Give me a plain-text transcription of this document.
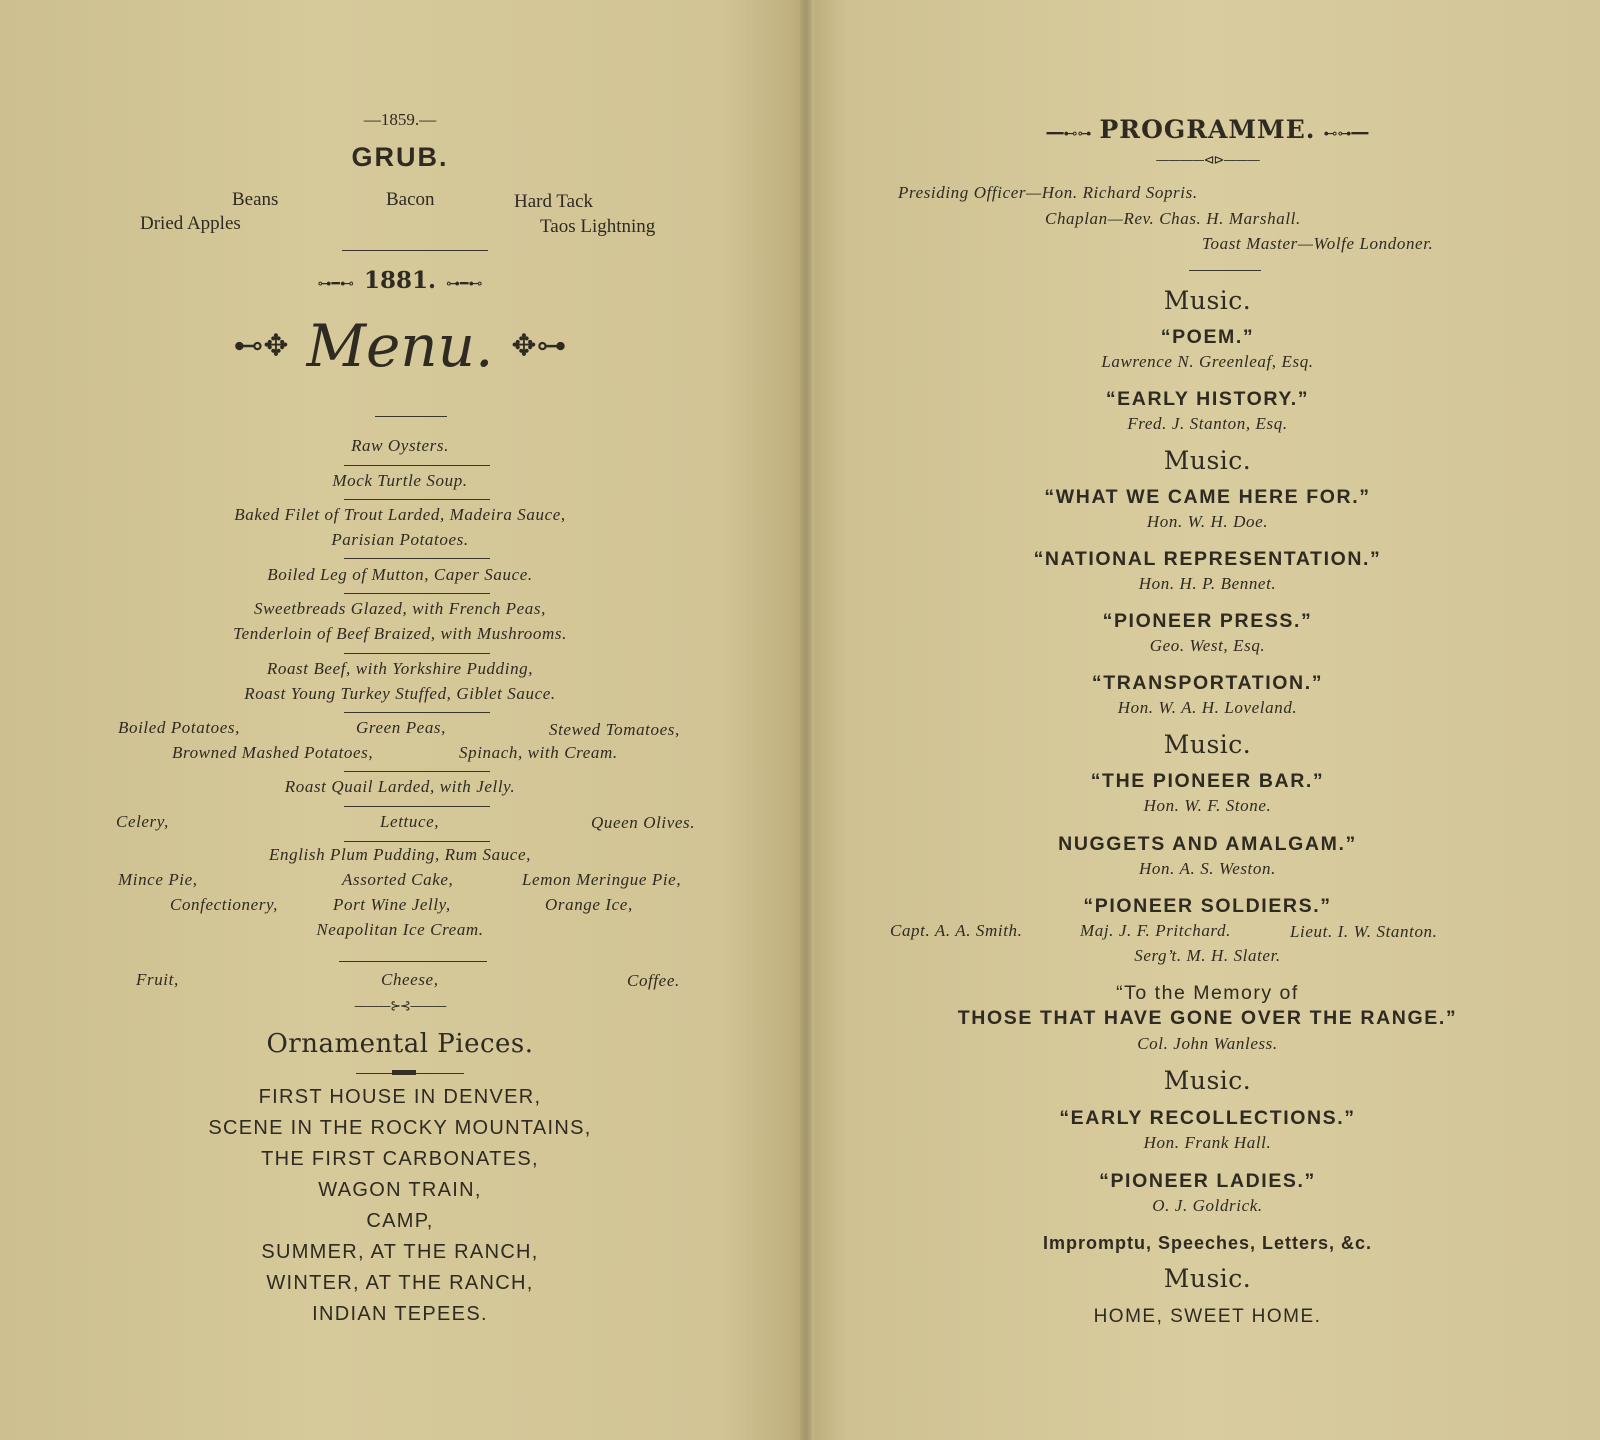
—1859.—
GRUB.
Beans	Bacon	Hard Tack
Dried Apples	Taos Lightning
⊶━⊷ 1881. ⊶━⊷
⊷✥ Menu. ✥⊶
Raw Oysters.
Mock Turtle Soup.
Baked Filet of Trout Larded, Madeira Sauce,
Parisian Potatoes.
Boiled Leg of Mutton, Caper Sauce.
Sweetbreads Glazed, with French Peas,
Tenderloin of Beef Braized, with Mushrooms.
Roast Beef, with Yorkshire Pudding,
Roast Young Turkey Stuffed, Giblet Sauce.
Boiled Potatoes,	Green Peas,	Stewed Tomatoes,
Browned Mashed Potatoes,	Spinach, with Cream.
Roast Quail Larded, with Jelly.
Celery,	Lettuce,	Queen Olives.
English Plum Pudding, Rum Sauce,
Mince Pie,	Assorted Cake,	Lemon Meringue Pie,
Confectionery,	Port Wine Jelly,	Orange Ice,
Neapolitan Ice Cream.
Fruit,	Cheese,	Coffee.
———⊱⊰———
Ornamental Pieces.
FIRST HOUSE IN DENVER,
SCENE IN THE ROCKY MOUNTAINS,
THE FIRST CARBONATES,
WAGON TRAIN,
CAMP,
SUMMER, AT THE RANCH,
WINTER, AT THE RANCH,
INDIAN TEPEES.
━━⊷⊶ PROGRAMME. ⊷⊶━━
————⊲⊳———
Presiding Officer—Hon. Richard Sopris.
Chaplan—Rev. Chas. H. Marshall.
Toast Master—Wolfe Londoner.
Music.
“POEM.”
Lawrence N. Greenleaf, Esq.
“EARLY HISTORY.”
Fred. J. Stanton, Esq.
Music.
“WHAT WE CAME HERE FOR.”
Hon. W. H. Doe.
“NATIONAL REPRESENTATION.”
Hon. H. P. Bennet.
“PIONEER PRESS.”
Geo. West, Esq.
“TRANSPORTATION.”
Hon. W. A. H. Loveland.
Music.
“THE PIONEER BAR.”
Hon. W. F. Stone.
NUGGETS AND AMALGAM.”
Hon. A. S. Weston.
“PIONEER SOLDIERS.”
Capt. A. A. Smith.	Maj. J. F. Pritchard.	Lieut. I. W. Stanton.
Serg’t. M. H. Slater.
“To the Memory of
THOSE THAT HAVE GONE OVER THE RANGE.”
Col. John Wanless.
Music.
“EARLY RECOLLECTIONS.”
Hon. Frank Hall.
“PIONEER LADIES.”
O. J. Goldrick.
Impromptu, Speeches, Letters, &c.
Music.
HOME, SWEET HOME.
